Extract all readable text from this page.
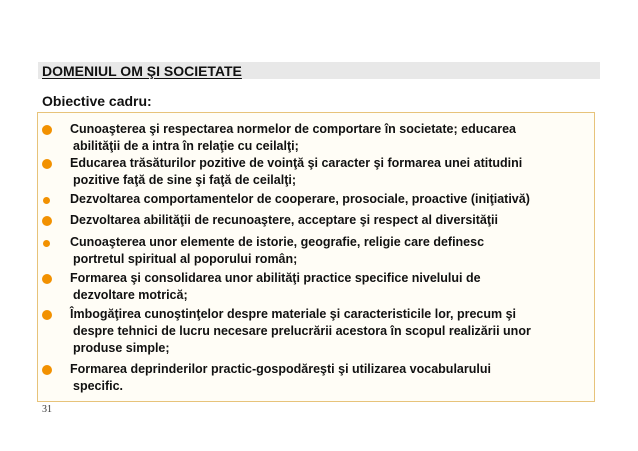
DOMENIUL OM ŞI SOCIETATE
Obiective cadru:
Cunoaşterea şi respectarea normelor de comportare în societate; educarea
abilităţii de a intra în relaţie cu ceilalţi;
Educarea trăsăturilor pozitive de voinţă şi caracter şi formarea unei atitudini
pozitive faţă de sine şi faţă de ceilalţi;
Dezvoltarea comportamentelor de cooperare, prosociale, proactive (iniţiativă)
Dezvoltarea abilităţii de recunoaştere, acceptare şi respect al diversităţii
Cunoaşterea unor elemente de istorie, geografie, religie care definesc
portretul spiritual al poporului român;
Formarea şi consolidarea unor abilităţi practice specifice nivelului de
dezvoltare motrică;
Îmbogăţirea cunoştinţelor despre materiale şi caracteristicile lor, precum şi
despre tehnici de lucru necesare prelucrării acestora în scopul realizării unor
produse simple;
Formarea deprinderilor practic-gospodăreşti şi utilizarea vocabularului
specific.
31
